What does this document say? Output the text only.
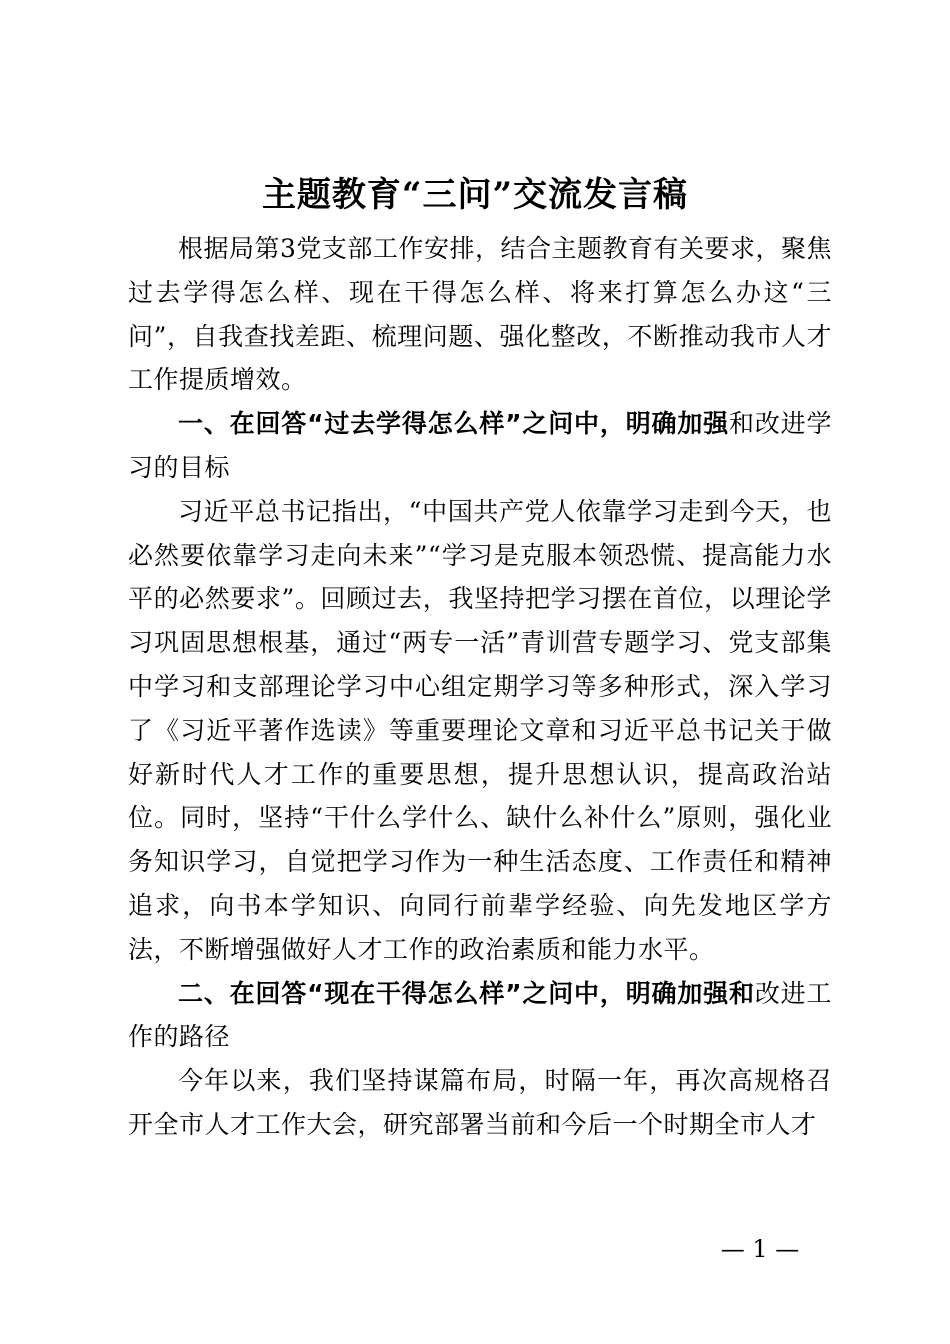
主题教育“三问”交流发言稿

根据局第3党支部工作安排，结合主题教育有关要求，聚焦过去学得怎么样、现在干得怎么样、将来打算怎么办这“三问”，自我查找差距、梳理问题、强化整改，不断推动我市人才工作提质增效。

一、在回答“过去学得怎么样”之问中，明确加强和改进学习的目标

习近平总书记指出，“中国共产党人依靠学习走到今天，也必然要依靠学习走向未来”“学习是克服本领恐慌、提高能力水平的必然要求”。回顾过去，我坚持把学习摆在首位，以理论学习巩固思想根基，通过“两专一活”青训营专题学习、党支部集中学习和支部理论学习中心组定期学习等多种形式，深入学习了《习近平著作选读》等重要理论文章和习近平总书记关于做好新时代人才工作的重要思想，提升思想认识，提高政治站位。同时，坚持“干什么学什么、缺什么补什么”原则，强化业务知识学习，自觉把学习作为一种生活态度、工作责任和精神追求，向书本学知识、向同行前辈学经验、向先发地区学方法，不断增强做好人才工作的政治素质和能力水平。

二、在回答“现在干得怎么样”之问中，明确加强和改进工作的路径

今年以来，我们坚持谋篇布局，时隔一年，再次高规格召开全市人才工作大会，研究部署当前和今后一个时期全市人才

— 1 —
